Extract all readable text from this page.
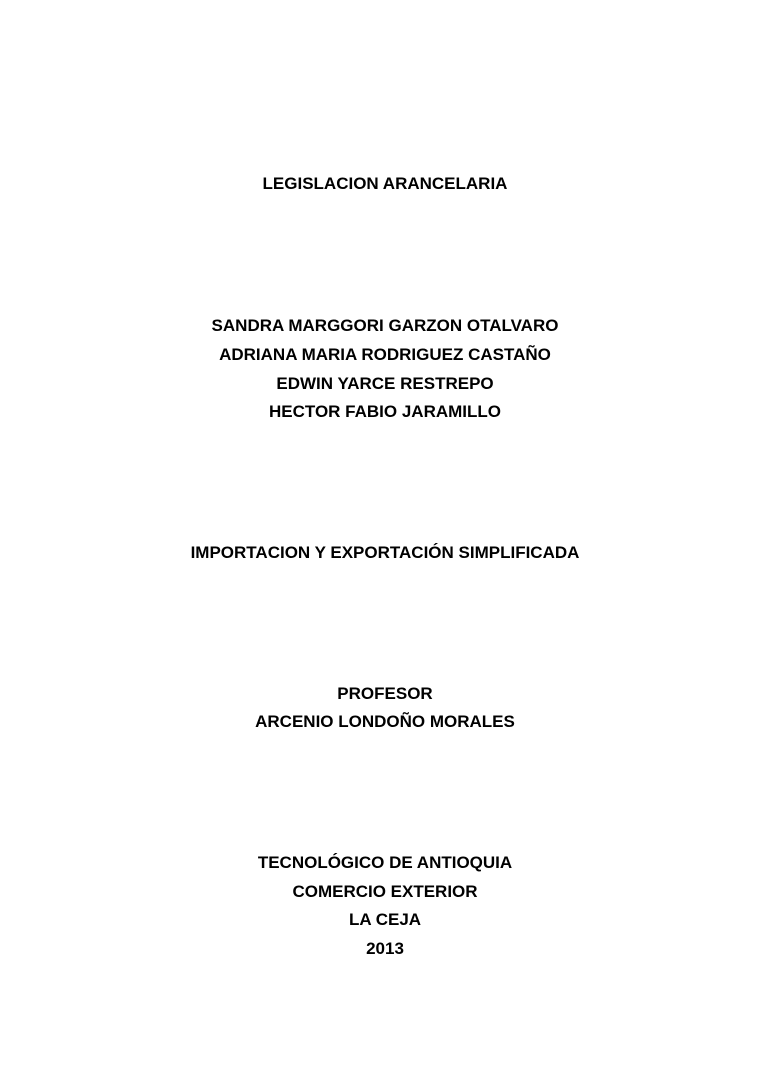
LEGISLACION ARANCELARIA
SANDRA MARGGORI GARZON OTALVARO
ADRIANA MARIA RODRIGUEZ CASTAÑO
EDWIN YARCE RESTREPO
HECTOR FABIO JARAMILLO
IMPORTACION Y EXPORTACIÓN SIMPLIFICADA
PROFESOR
ARCENIO LONDOÑO MORALES
TECNOLÓGICO DE ANTIOQUIA
COMERCIO EXTERIOR
LA CEJA
2013
